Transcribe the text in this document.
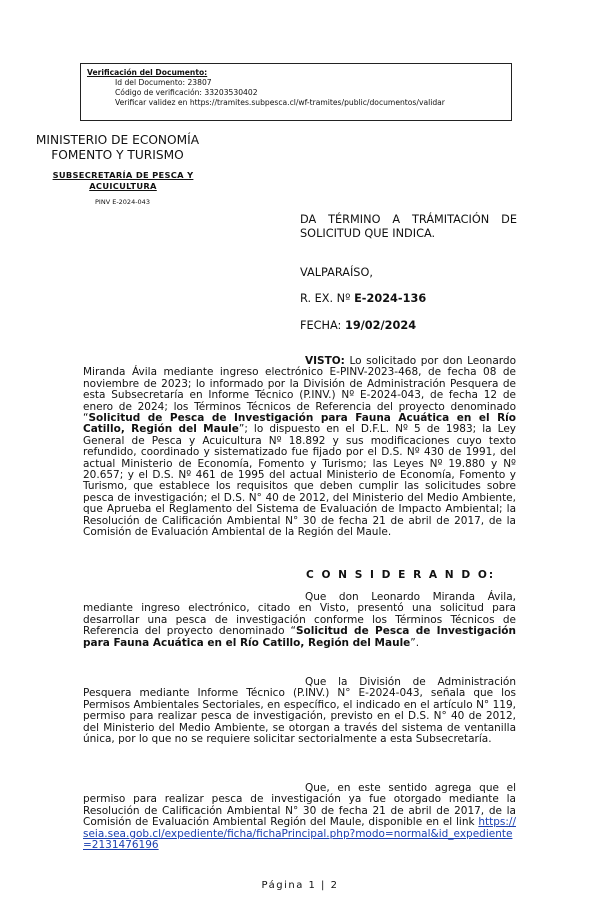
Verificación del Documento:
• Id del Documento: 23807
• Código de verificación: 33203530402
• Verificar validez en https://tramites.subpesca.cl/wf-tramites/public/documentos/validar
MINISTERIO DE ECONOMÍA
FOMENTO Y TURISMO
SUBSECRETARÍA DE PESCA Y ACUICULTURA
PINV E-2024-043
DA TÉRMINO A TRÁMITACIÓN DE SOLICITUD QUE INDICA.
VALPARAÍSO,
R. EX. Nº E-2024-136
FECHA: 19/02/2024
VISTO: Lo solicitado por don Leonardo Miranda Ávila mediante ingreso electrónico E-PINV-2023-468, de fecha 08 de noviembre de 2023; lo informado por la División de Administración Pesquera de esta Subsecretaría en Informe Técnico (P.INV.) Nº E-2024-043, de fecha 12 de enero de 2024; los Términos Técnicos de Referencia del proyecto denominado “Solicitud de Pesca de Investigación para Fauna Acuática en el Río Catillo, Región del Maule”; lo dispuesto en el D.F.L. Nº 5 de 1983; la Ley General de Pesca y Acuicultura Nº 18.892 y sus modificaciones cuyo texto refundido, coordinado y sistematizado fue fijado por el D.S. Nº 430 de 1991, del actual Ministerio de Economía, Fomento y Turismo; las Leyes Nº 19.880 y Nº 20.657; y el D.S. Nº 461 de 1995 del actual Ministerio de Economía, Fomento y Turismo, que establece los requisitos que deben cumplir las solicitudes sobre pesca de investigación; el D.S. N° 40 de 2012, del Ministerio del Medio Ambiente, que Aprueba el Reglamento del Sistema de Evaluación de Impacto Ambiental; la Resolución de Calificación Ambiental N° 30 de fecha 21 de abril de 2017, de la Comisión de Evaluación Ambiental de la Región del Maule.
C O N S I D E R A N D O:
Que don Leonardo Miranda Ávila, mediante ingreso electrónico, citado en Visto, presentó una solicitud para desarrollar una pesca de investigación conforme los Términos Técnicos de Referencia del proyecto denominado “Solicitud de Pesca de Investigación para Fauna Acuática en el Río Catillo, Región del Maule”.
Que la División de Administración Pesquera mediante Informe Técnico (P.INV.) N° E-2024-043, señala que los Permisos Ambientales Sectoriales, en específico, el indicado en el artículo N° 119, permiso para realizar pesca de investigación, previsto en el D.S. N° 40 de 2012, del Ministerio del Medio Ambiente, se otorgan a través del sistema de ventanilla única, por lo que no se requiere solicitar sectorialmente a esta Subsecretaría.
Que, en este sentido agrega que el permiso para realizar pesca de investigación ya fue otorgado mediante la Resolución de Calificación Ambiental N° 30 de fecha 21 de abril de 2017, de la Comisión de Evaluación Ambiental Región del Maule, disponible en el link https://seia.sea.gob.cl/expediente/ficha/fichaPrincipal.php?modo=normal&id_expediente=2131476196
Página 1 | 2
